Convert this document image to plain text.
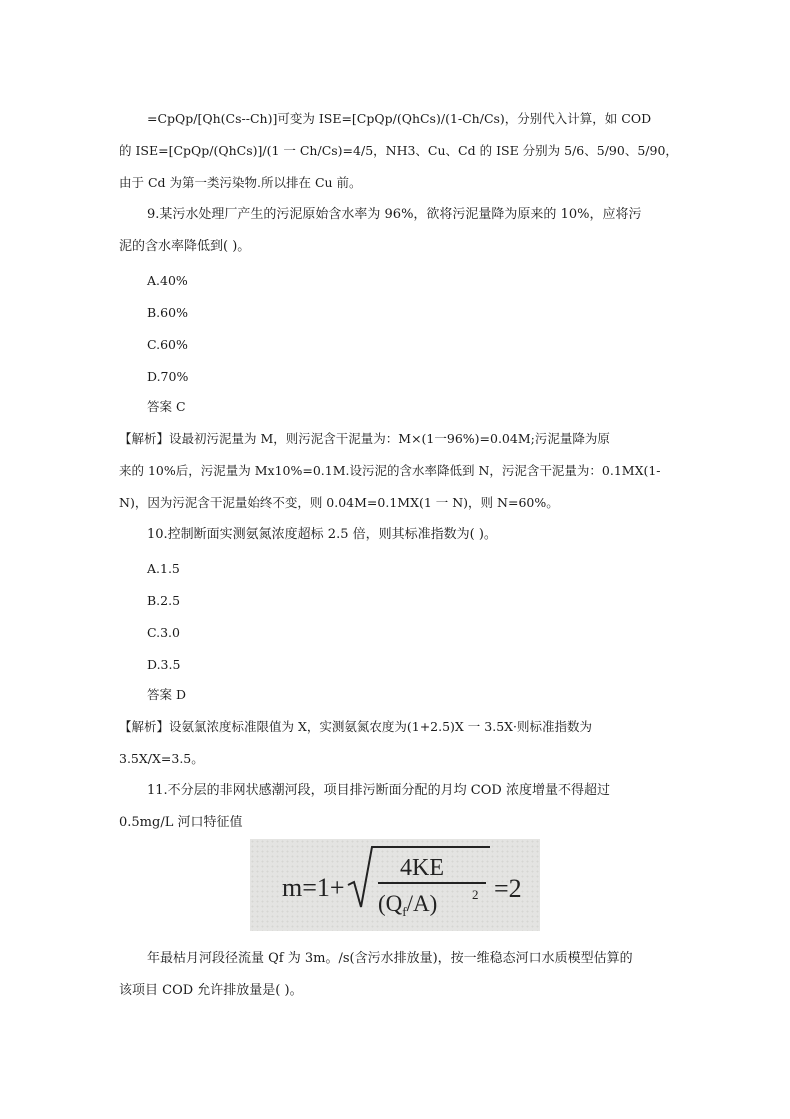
=CpQp/[Qh(Cs--Ch)]可变为 ISE=[CpQp/(QhCs)/(1-Ch/Cs)，分别代入计算，如 COD
的 ISE=[CpQp/(QhCs)]/(1 一 Ch/Cs)=4/5，NH3、Cu、Cd 的 ISE 分别为 5/6、5/90、5/90，
由于 Cd 为第一类污染物.所以排在 Cu 前。
9.某污水处理厂产生的污泥原始含水率为 96%，欲将污泥量降为原来的 10%，应将污
泥的含水率降低到( )。
A.40%
B.60%
C.60%
D.70%
答案 C
【解析】设最初污泥量为 M，则污泥含干泥量为：M×(1一96%)=0.04M;污泥量降为原
来的 10%后，污泥量为 Mx10%=0.1M.设污泥的含水率降低到 N，污泥含干泥量为：0.1MX(1-
N)，因为污泥含干泥量始终不变，则 0.04M=0.1MX(1 一 N)，则 N=60%。
10.控制断面实测氨氮浓度超标 2.5 倍，则其标准指数为( )。
A.1.5
B.2.5
C.3.0
D.3.5
答案 D
【解析】设氨氯浓度标准限值为 X，实测氨氮农度为(1+2.5)X 一 3.5X·则标准指数为
3.5X/X=3.5。
11.不分层的非网状感潮河段，项目排污断面分配的月均 COD 浓度增量不得超过
0.5mg/L 河口特征值
m=1+
4KE
$(Q_f/A)$	2 =2
年最枯月河段径流量 Qf 为 3m。/s(含污水排放量)，按一维稳态河口水质模型估算的
该项目 COD 允许排放量是( )。
